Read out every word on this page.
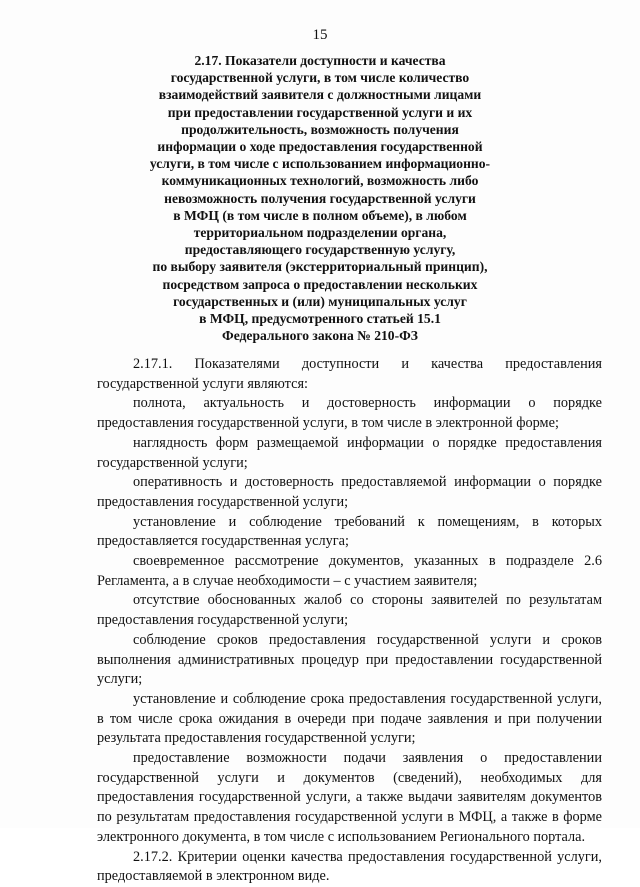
15
2.17. Показатели доступности и качества
государственной услуги, в том числе количество
взаимодействий заявителя с должностными лицами
при предоставлении государственной услуги и их
продолжительность, возможность получения
информации о ходе предоставления государственной
услуги, в том числе с использованием информационно-
коммуникационных технологий, возможность либо
невозможность получения государственной услуги
в МФЦ (в том числе в полном объеме), в любом
территориальном подразделении органа,
предоставляющего государственную услугу,
по выбору заявителя (экстерриториальный принцип),
посредством запроса о предоставлении нескольких
государственных и (или) муниципальных услуг
в МФЦ, предусмотренного статьей 15.1
Федерального закона № 210-ФЗ

2.17.1. Показателями доступности и качества предоставления государственной услуги являются:

полнота, актуальность и достоверность информации о порядке предоставления государственной услуги, в том числе в электронной форме;

наглядность форм размещаемой информации о порядке предоставления государственной услуги;

оперативность и достоверность предоставляемой информации о порядке предоставления государственной услуги;

установление и соблюдение требований к помещениям, в которых предоставляется государственная услуга;

своевременное рассмотрение документов, указанных в подразделе 2.6 Регламента, а в случае необходимости – с участием заявителя;

отсутствие обоснованных жалоб со стороны заявителей по результатам предоставления государственной услуги;

соблюдение сроков предоставления государственной услуги и сроков выполнения административных процедур при предоставлении государственной услуги;

установление и соблюдение срока предоставления государственной услуги, в том числе срока ожидания в очереди при подаче заявления и при получении результата предоставления государственной услуги;

предоставление возможности подачи заявления о предоставлении государственной услуги и документов (сведений), необходимых для предоставления государственной услуги, а также выдачи заявителям документов по результатам предоставления государственной услуги в МФЦ, а также в форме электронного документа, в том числе с использованием Регионального портала.

2.17.2. Критерии оценки качества предоставления государственной услуги, предоставляемой в электронном виде.
